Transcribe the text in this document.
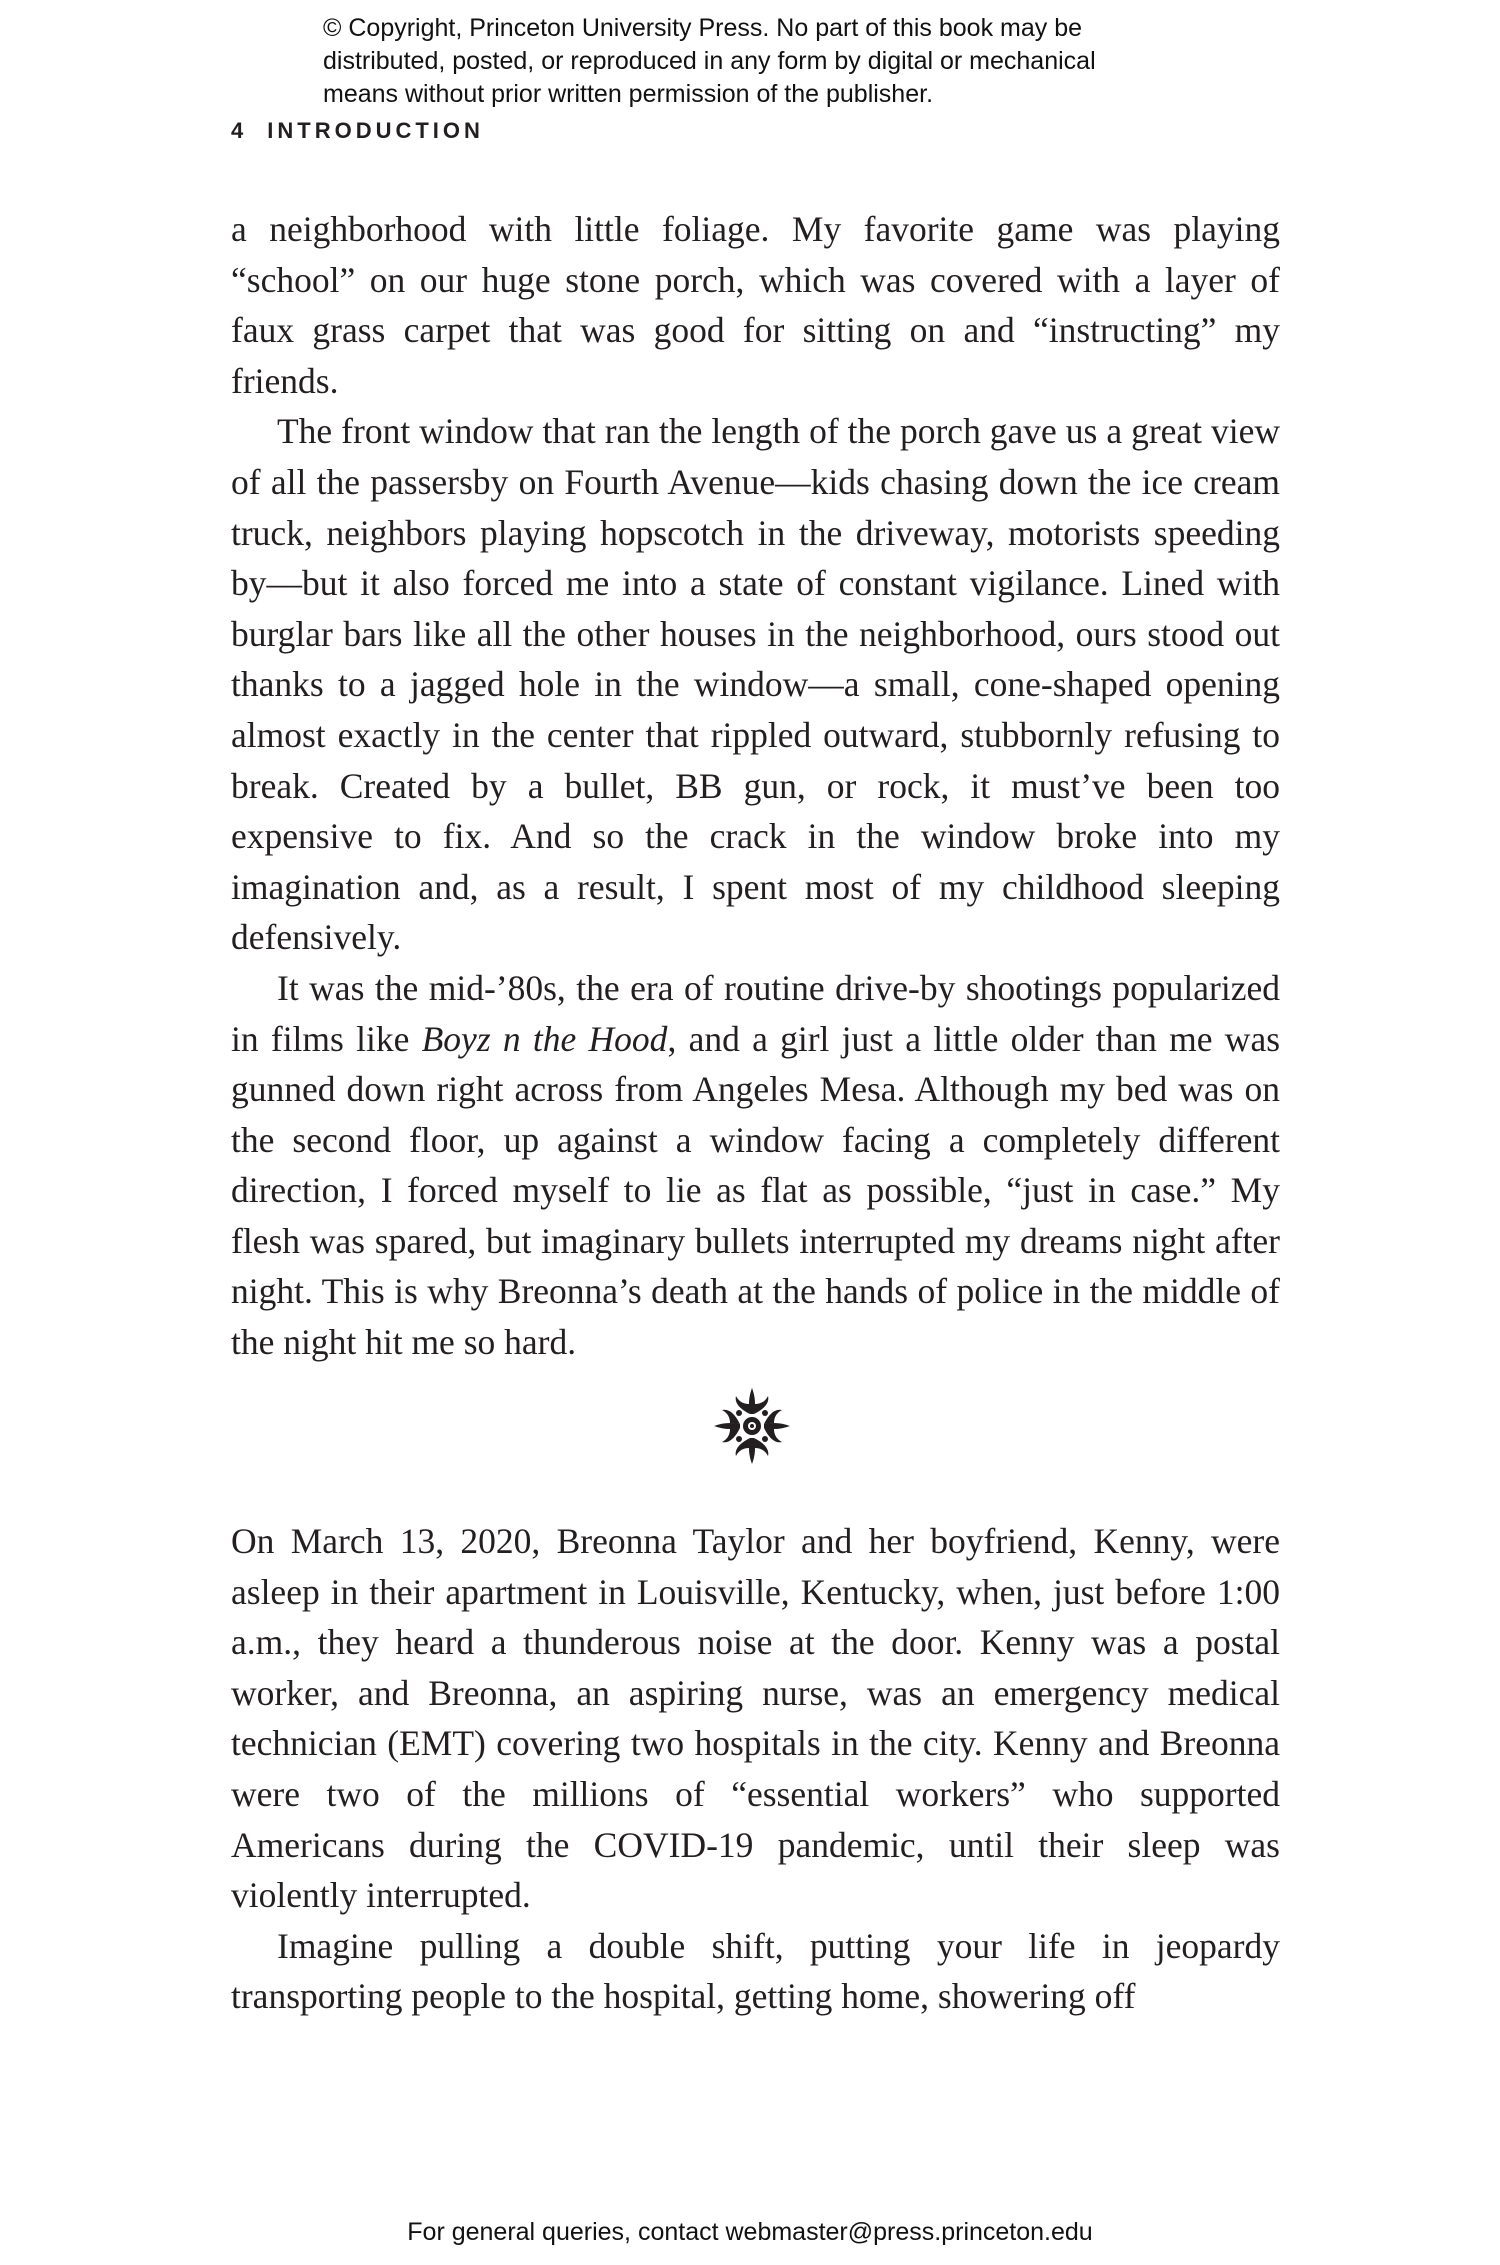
© Copyright, Princeton University Press. No part of this book may be
distributed, posted, or reproduced in any form by digital or mechanical
means without prior written permission of the publisher.
4 INTRODUCTION

a neighborhood with little foliage. My favorite game was playing “school” on our huge stone porch, which was covered with a layer of faux grass carpet that was good for sitting on and “instructing” my friends.

The front window that ran the length of the porch gave us a great view of all the passersby on Fourth Avenue—kids chasing down the ice cream truck, neighbors playing hopscotch in the driveway, motorists speeding by—but it also forced me into a state of constant vigilance. Lined with burglar bars like all the other houses in the neighborhood, ours stood out thanks to a jagged hole in the window—a small, cone-shaped opening almost exactly in the center that rippled outward, stubbornly refusing to break. Created by a bullet, BB gun, or rock, it must’ve been too expensive to fix. And so the crack in the window broke into my imagination and, as a result, I spent most of my childhood sleeping defensively.

It was the mid-’80s, the era of routine drive-by shootings popularized in films like Boyz n the Hood, and a girl just a little older than me was gunned down right across from Angeles Mesa. Although my bed was on the second floor, up against a window facing a completely different direction, I forced myself to lie as flat as possible, “just in case.” My flesh was spared, but imaginary bullets interrupted my dreams night after night. This is why Breonna’s death at the hands of police in the middle of the night hit me so hard.

On March 13, 2020, Breonna Taylor and her boyfriend, Kenny, were asleep in their apartment in Louisville, Kentucky, when, just before 1:00 a.m., they heard a thunderous noise at the door. Kenny was a postal worker, and Breonna, an aspiring nurse, was an emergency medical technician (EMT) covering two hospitals in the city. Kenny and Breonna were two of the millions of “essential workers” who supported Americans during the COVID-19 pandemic, until their sleep was violently interrupted.

Imagine pulling a double shift, putting your life in jeopardy transporting people to the hospital, getting home, showering off

For general queries, contact webmaster@press.princeton.edu
